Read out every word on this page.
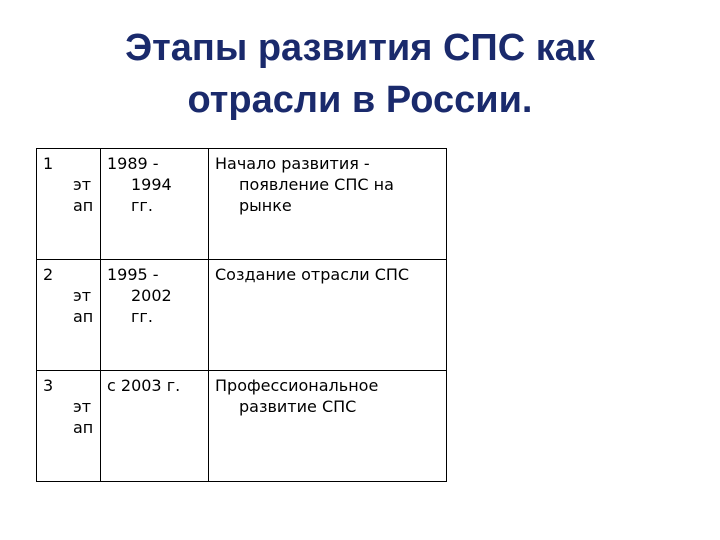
Этапы развития СПС как
отрасли в России.
1
эт
ап	1989 -
1994
гг.	Начало развития -
появление СПС на
рынке

2
эт
ап	1995 -
2002
гг.	Создание отрасли СПС

3
эт
ап	с 2003 г.	Профессиональное
развитие СПС
